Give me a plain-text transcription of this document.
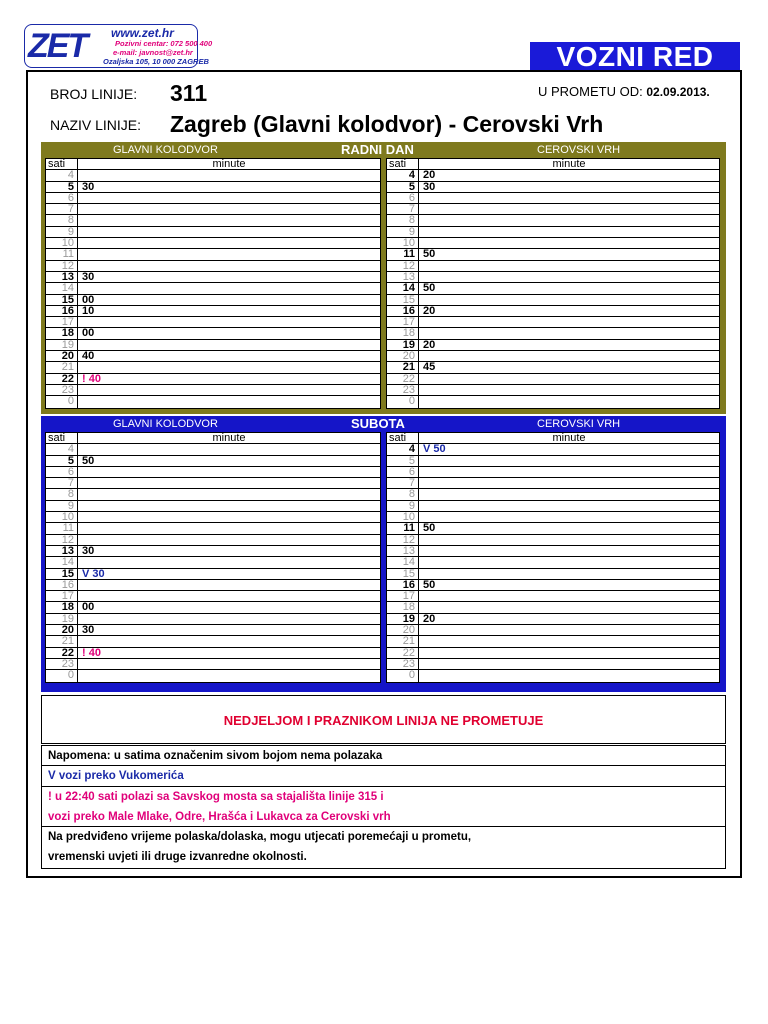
ZET www.zet.hr
Pozivni centar: 072 500 400
e-mail: javnost@zet.hr
Ozaljska 105, 10 000 ZAGREB	VOZNI RED
BROJ LINIJE: 311
NAZIV LINIJE: Zagreb (Glavni kolodvor) - Cerovski Vrh
U PROMETU OD: 02.09.2013.
GLAVNI KOLODVOR	RADNI DAN	CEROVSKI VRH
minute
sati
4
5 30
6
7
8
9
10
11
12
13 30
14
15 00
16 10
17
18 00
19
20 40
21
22 ! 40
23
0
minute
sati
4 20
5 30
6
7
8
9
10
11 50
12
13
14 50
15
16 20
17
18
19 20
20
21 45
22
23
0
GLAVNI KOLODVOR	SUBOTA	CEROVSKI VRH
minute
sati
4
5 50
6
7
8
9
10
11
12
13 30
14
15 V 30
16
17
18 00
19
20 30
21
22 ! 40
23
0
minute
sati
4 V 50
5
6
7
8
9
10
11 50
12
13
14
15
16 50
17
18
19 20
20
21
22
23
0
NEDJELJOM I PRAZNIKOM LINIJA NE PROMETUJE
Napomena: u satima označenim sivom bojom nema polazaka
V vozi preko Vukomerića
! u 22:40 sati polazi sa Savskog mosta sa stajališta linije 315 i
vozi preko Male Mlake, Odre, Hrašća i Lukavca za Cerovski vrh
Na predviđeno vrijeme polaska/dolaska, mogu utjecati poremećaji u prometu,
vremenski uvjeti ili druge izvanredne okolnosti.
